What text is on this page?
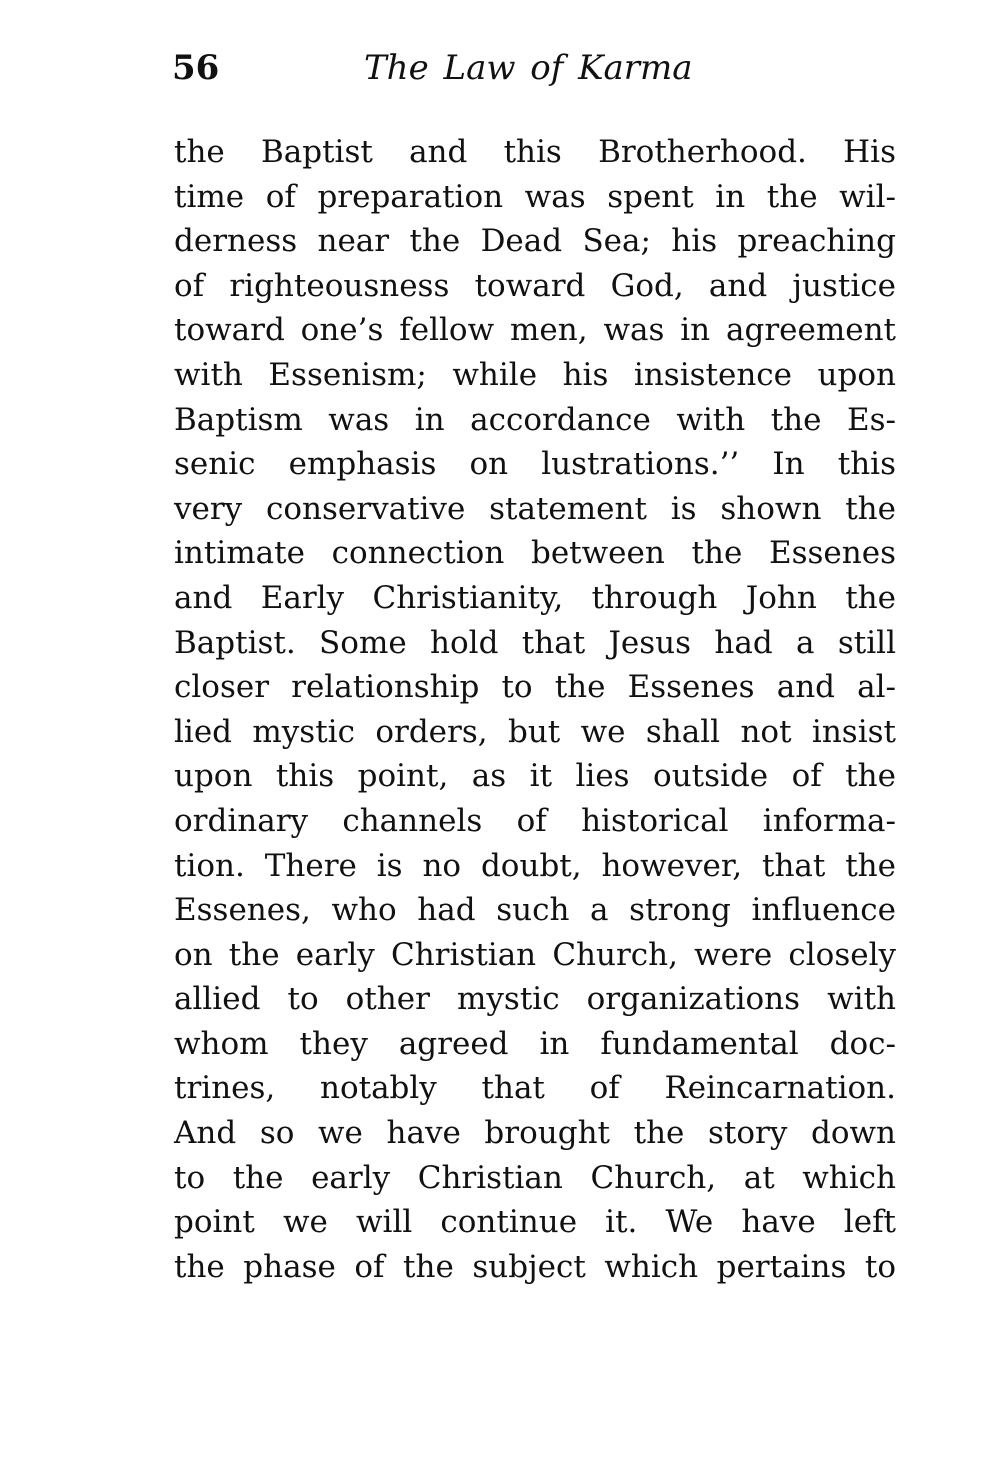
56	The Law of Karma
the Baptist and this Brotherhood. His
time of preparation was spent in the wil-
derness near the Dead Sea; his preaching
of righteousness toward God, and justice
toward one’s fellow men, was in agreement
with Essenism; while his insistence upon
Baptism was in accordance with the Es-
senic emphasis on lustrations.’’ In this
very conservative statement is shown the
intimate connection between the Essenes
and Early Christianity, through John the
Baptist. Some hold that Jesus had a still
closer relationship to the Essenes and al-
lied mystic orders, but we shall not insist
upon this point, as it lies outside of the
ordinary channels of historical informa-
tion. There is no doubt, however, that the
Essenes, who had such a strong influence
on the early Christian Church, were closely
allied to other mystic organizations with
whom they agreed in fundamental doc-
trines, notably that of Reincarnation.
And so we have brought the story down
to the early Christian Church, at which
point we will continue it. We have left
the phase of the subject which pertains to
